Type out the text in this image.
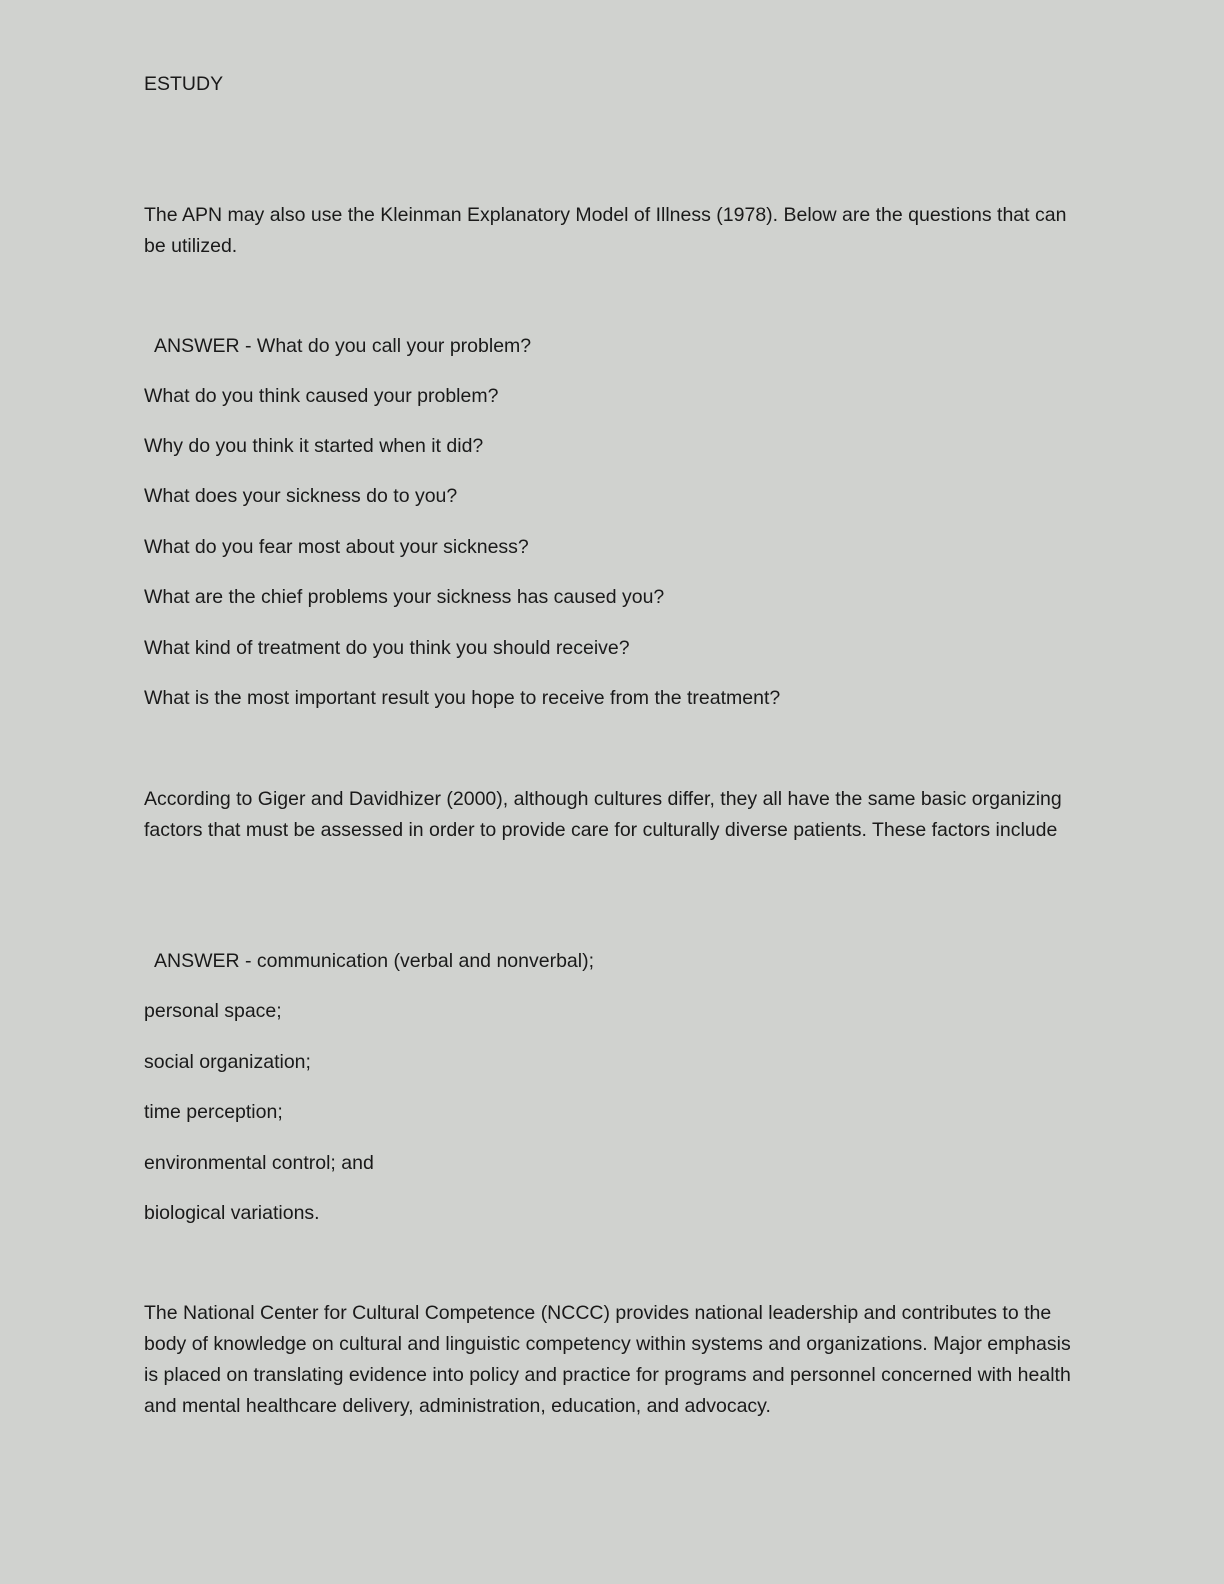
ESTUDY

The APN may also use the Kleinman Explanatory Model of Illness (1978). Below are the questions that can be utilized.

ANSWER - What do you call your problem?

What do you think caused your problem?

Why do you think it started when it did?

What does your sickness do to you?

What do you fear most about your sickness?

What are the chief problems your sickness has caused you?

What kind of treatment do you think you should receive?

What is the most important result you hope to receive from the treatment?

According to Giger and Davidhizer (2000), although cultures differ, they all have the same basic organizing factors that must be assessed in order to provide care for culturally diverse patients. These factors include

ANSWER - communication (verbal and nonverbal);

personal space;

social organization;

time perception;

environmental control; and

biological variations.

The National Center for Cultural Competence (NCCC) provides national leadership and contributes to the body of knowledge on cultural and linguistic competency within systems and organizations. Major emphasis is placed on translating evidence into policy and practice for programs and personnel concerned with health and mental healthcare delivery, administration, education, and advocacy.
